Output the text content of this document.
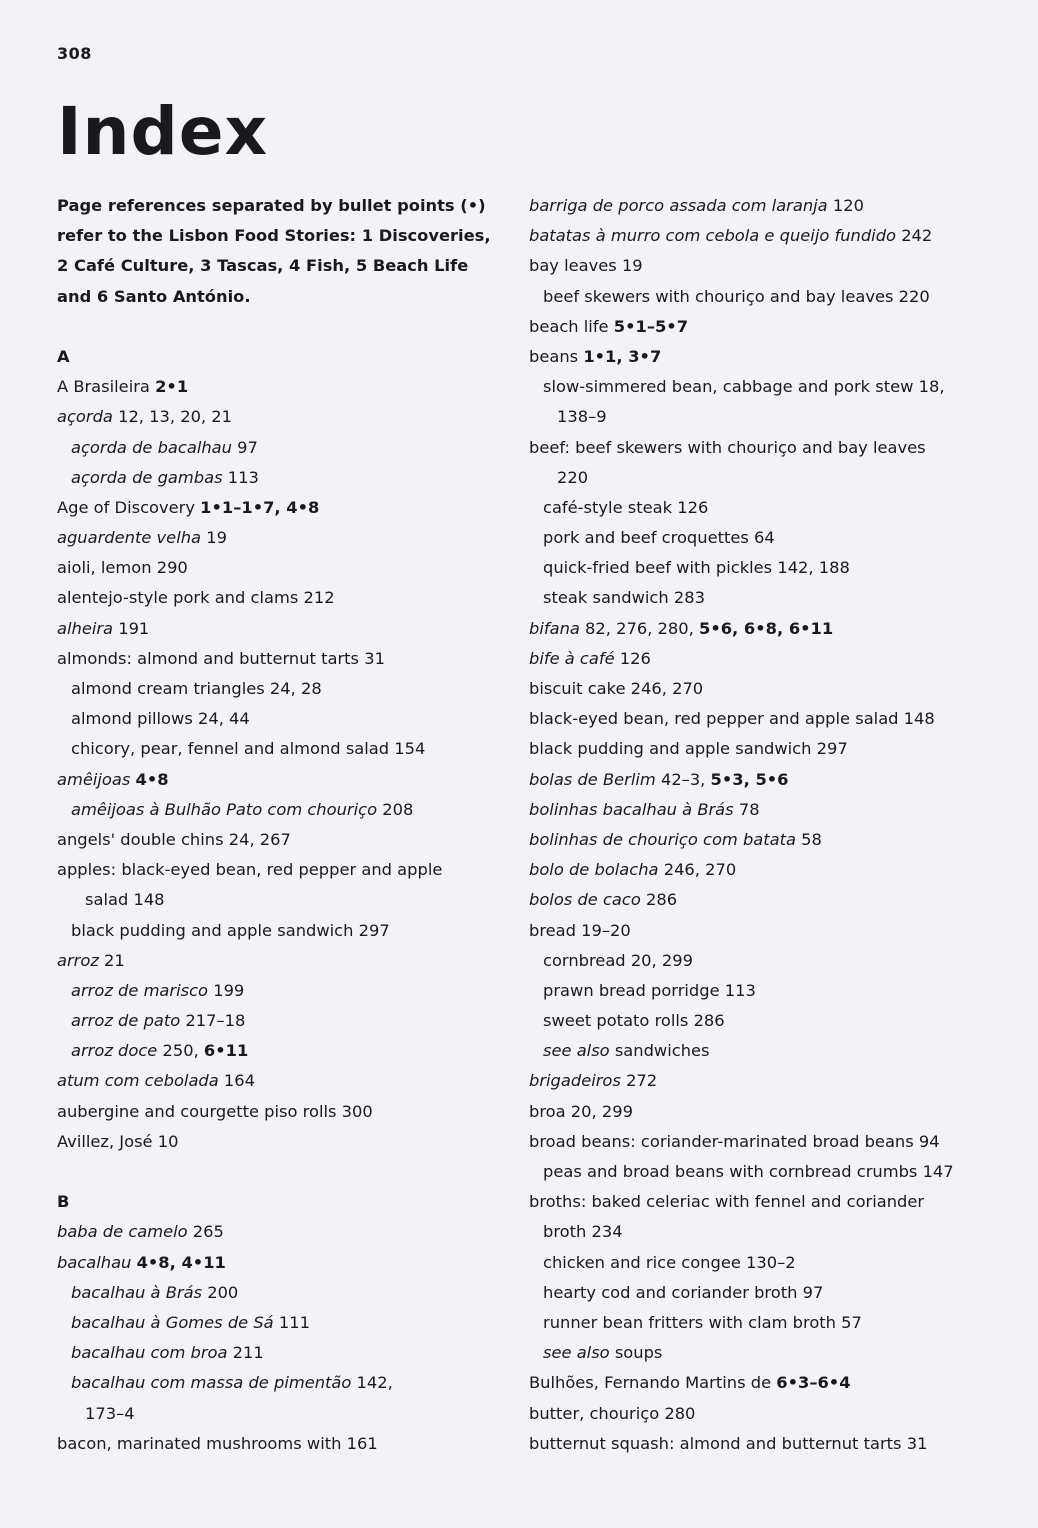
308
Index
Page references separated by bullet points (•)
refer to the Lisbon Food Stories: 1 Discoveries,
2 Café Culture, 3 Tascas, 4 Fish, 5 Beach Life
and 6 Santo António.
A
A Brasileira 2•1
açorda 12, 13, 20, 21
açorda de bacalhau 97
açorda de gambas 113
Age of Discovery 1•1–1•7, 4•8
aguardente velha 19
aioli, lemon 290
alentejo-style pork and clams 212
alheira 191
almonds: almond and butternut tarts 31
almond cream triangles 24, 28
almond pillows 24, 44
chicory, pear, fennel and almond salad 154
amêijoas 4•8
amêijoas à Bulhão Pato com chouriço 208
angels' double chins 24, 267
apples: black-eyed bean, red pepper and apple
salad 148
black pudding and apple sandwich 297
arroz 21
arroz de marisco 199
arroz de pato 217–18
arroz doce 250, 6•11
atum com cebolada 164
aubergine and courgette piso rolls 300
Avillez, José 10
B
baba de camelo 265
bacalhau 4•8, 4•11
bacalhau à Brás 200
bacalhau à Gomes de Sá 111
bacalhau com broa 211
bacalhau com massa de pimentão 142,
173–4
bacon, marinated mushrooms with 161
barriga de porco assada com laranja 120
batatas à murro com cebola e queijo fundido 242
bay leaves 19
beef skewers with chouriço and bay leaves 220
beach life 5•1–5•7
beans 1•1, 3•7
slow-simmered bean, cabbage and pork stew 18,
138–9
beef: beef skewers with chouriço and bay leaves
220
café-style steak 126
pork and beef croquettes 64
quick-fried beef with pickles 142, 188
steak sandwich 283
bifana 82, 276, 280, 5•6, 6•8, 6•11
bife à café 126
biscuit cake 246, 270
black-eyed bean, red pepper and apple salad 148
black pudding and apple sandwich 297
bolas de Berlim 42–3, 5•3, 5•6
bolinhas bacalhau à Brás 78
bolinhas de chouriço com batata 58
bolo de bolacha 246, 270
bolos de caco 286
bread 19–20
cornbread 20, 299
prawn bread porridge 113
sweet potato rolls 286
see also sandwiches
brigadeiros 272
broa 20, 299
broad beans: coriander-marinated broad beans 94
peas and broad beans with cornbread crumbs 147
broths: baked celeriac with fennel and coriander
broth 234
chicken and rice congee 130–2
hearty cod and coriander broth 97
runner bean fritters with clam broth 57
see also soups
Bulhões, Fernando Martins de 6•3–6•4
butter, chouriço 280
butternut squash: almond and butternut tarts 31
